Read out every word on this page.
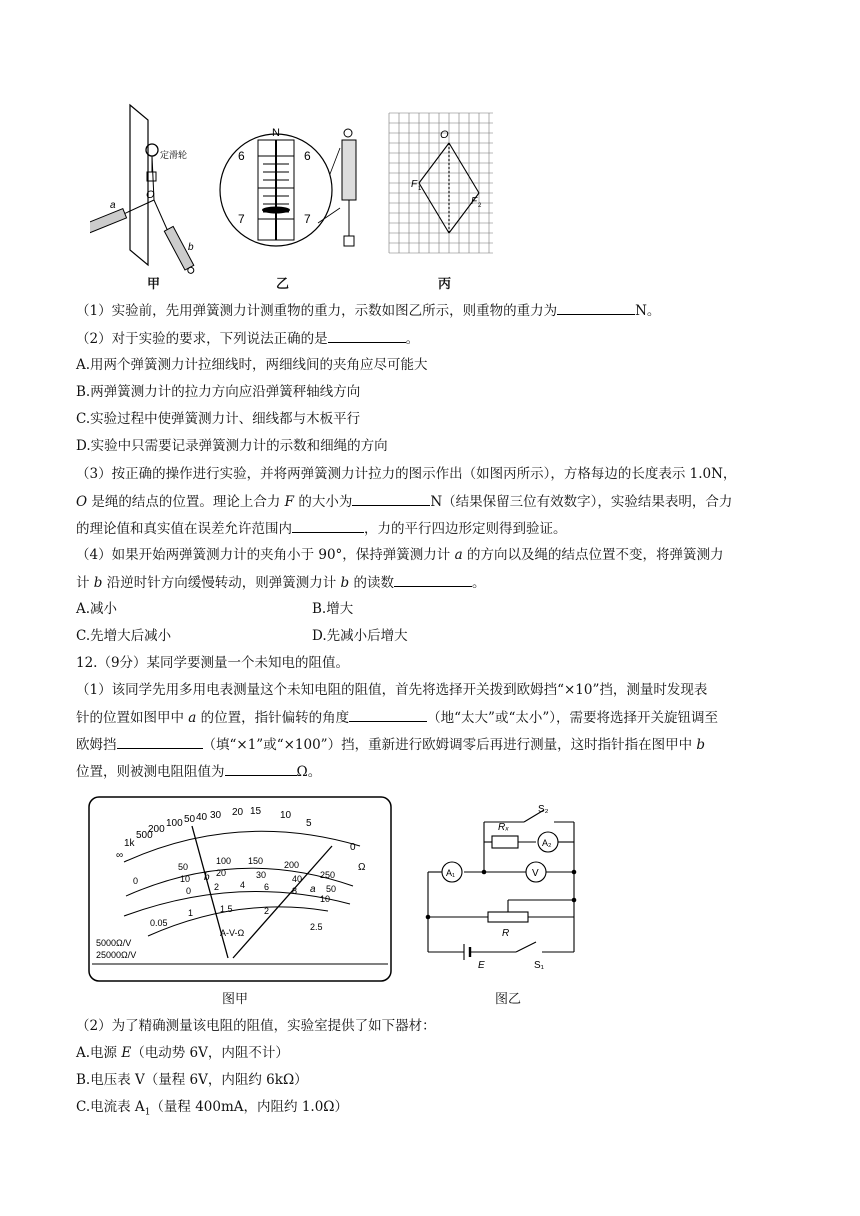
定滑轮
O
a
b
甲
N
6	6
7	7
乙
O
F 1
F 2
丙
（1）实验前，先用弹簧测力计测重物的重力，示数如图乙所示，则重物的重力为	N。
（2）对于实验的要求，下列说法正确的是	。
A.用两个弹簧测力计拉细线时，两细线间的夹角应尽可能大
B.两弹簧测力计的拉力方向应沿弹簧秤轴线方向
C.实验过程中使弹簧测力计、细线都与木板平行
D.实验中只需要记录弹簧测力计的示数和细绳的方向
（3）按正确的操作进行实验，并将两弹簧测力计拉力的图示作出（如图丙所示），方格每边的长度表示 1.0N，
O 是绳的结点的位置。理论上合力 F 的大小为	N（结果保留三位有效数字），实验结果表明，合力
的理论值和真实值在误差允许范围内	，力的平行四边形定则得到验证。
（4）如果开始两弹簧测力计的夹角小于 90°，保持弹簧测力计 a 的方向以及绳的结点位置不变，将弹簧测力
计 b 沿逆时针方向缓慢转动，则弹簧测力计 b 的读数	。
A.减小	B.增大
C.先增大后减小	D.先减小后增大
12.（9分）某同学要测量一个未知电的阻值。
（1）该同学先用多用电表测量这个未知电阻的阻值，首先将选择开关拨到欧姆挡“×10”挡，测量时发现表
针的位置如图甲中 a 的位置，指针偏转的角度	（地“太大”或“太小”），需要将选择开关旋钮调至
欧姆挡	（填“×1”或“×100”）挡，重新进行欧姆调零后再进行测量，这时指针指在图甲中 b
位置，则被测电阻阻值为	Ω。
∞
1k
500
200
100 50 40 30 20 15 10
5
0
Ω
0
50
100 150 200
250
10
20	30	40
50
0	2 4 6	8
10
0.05
1	1.5	2
2.5
a
b
A-V-Ω
5000Ω/V
25000Ω/V
图甲
S₂
Rₓ
A₂
A₁	V
R
E	S₁
图乙
（2）为了精确测量该电阻的阻值，实验室提供了如下器材：
A.电源 E（电动势 6V，内阻不计）
B.电压表 V（量程 6V，内阻约 6kΩ）
C.电流表 $A_1$（量程 400mA，内阻约 1.0Ω）
